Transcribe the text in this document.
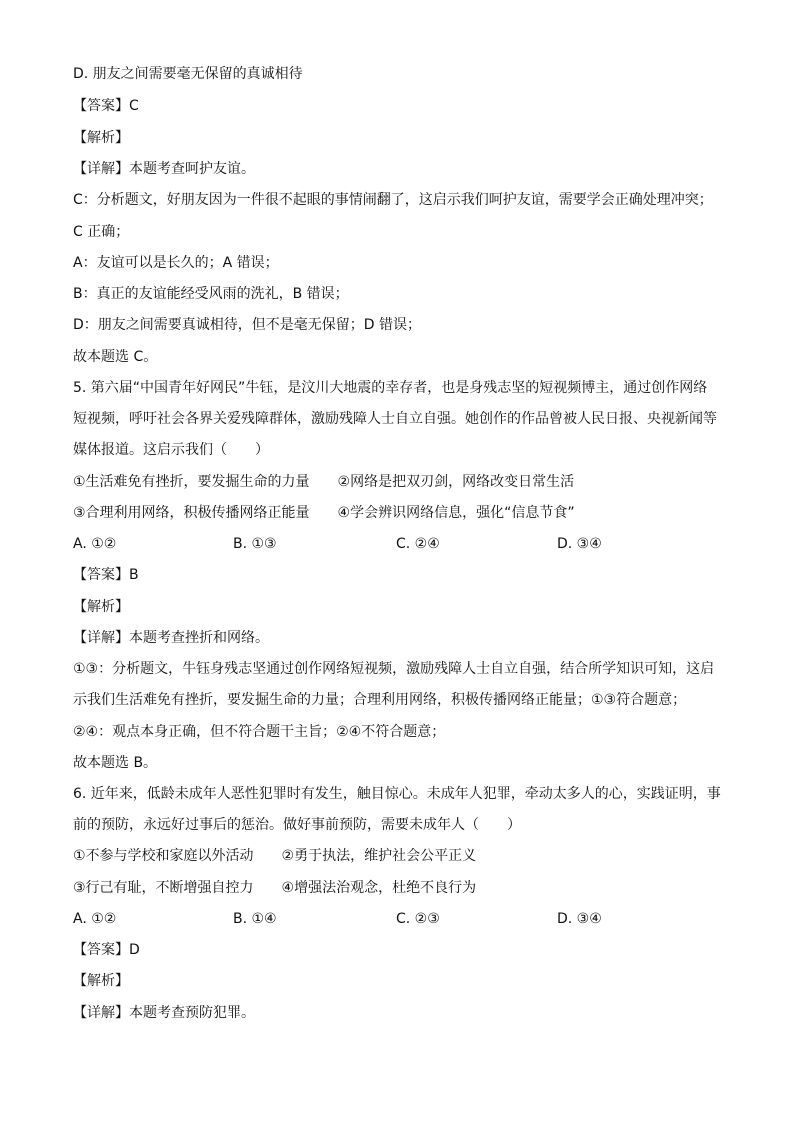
D. 朋友之间需要毫无保留的真诚相待
【答案】C
【解析】
【详解】本题考查呵护友谊。
C：分析题文，好朋友因为一件很不起眼的事情闹翻了，这启示我们呵护友谊，需要学会正确处理冲突；
C 正确；
A：友谊可以是长久的；A 错误；
B：真正的友谊能经受风雨的洗礼，B 错误；
D：朋友之间需要真诚相待，但不是毫无保留；D 错误；
故本题选 C。
5. 第六届“中国青年好网民”牛钰，是汶川大地震的幸存者，也是身残志坚的短视频博主，通过创作网络
短视频，呼吁社会各界关爱残障群体，激励残障人士自立自强。她创作的作品曾被人民日报、央视新闻等
媒体报道。这启示我们（　　）
①生活难免有挫折，要发掘生命的力量　　②网络是把双刃剑，网络改变日常生活
③合理利用网络，积极传播网络正能量　　④学会辨识网络信息，强化“信息节食”
A. ①②	B. ①③	C. ②④	D. ③④
【答案】B
【解析】
【详解】本题考查挫折和网络。
①③：分析题文，牛钰身残志坚通过创作网络短视频，激励残障人士自立自强，结合所学知识可知，这启
示我们生活难免有挫折，要发掘生命的力量；合理利用网络，积极传播网络正能量；①③符合题意；
②④：观点本身正确，但不符合题干主旨；②④不符合题意；
故本题选 B。
6. 近年来，低龄未成年人恶性犯罪时有发生，触目惊心。未成年人犯罪，牵动太多人的心，实践证明，事
前的预防，永远好过事后的惩治。做好事前预防，需要未成年人（　　）
①不参与学校和家庭以外活动　　②勇于执法，维护社会公平正义
③行己有耻，不断增强自控力　　④增强法治观念，杜绝不良行为
A. ①②	B. ①④	C. ②③	D. ③④
【答案】D
【解析】
【详解】本题考查预防犯罪。
